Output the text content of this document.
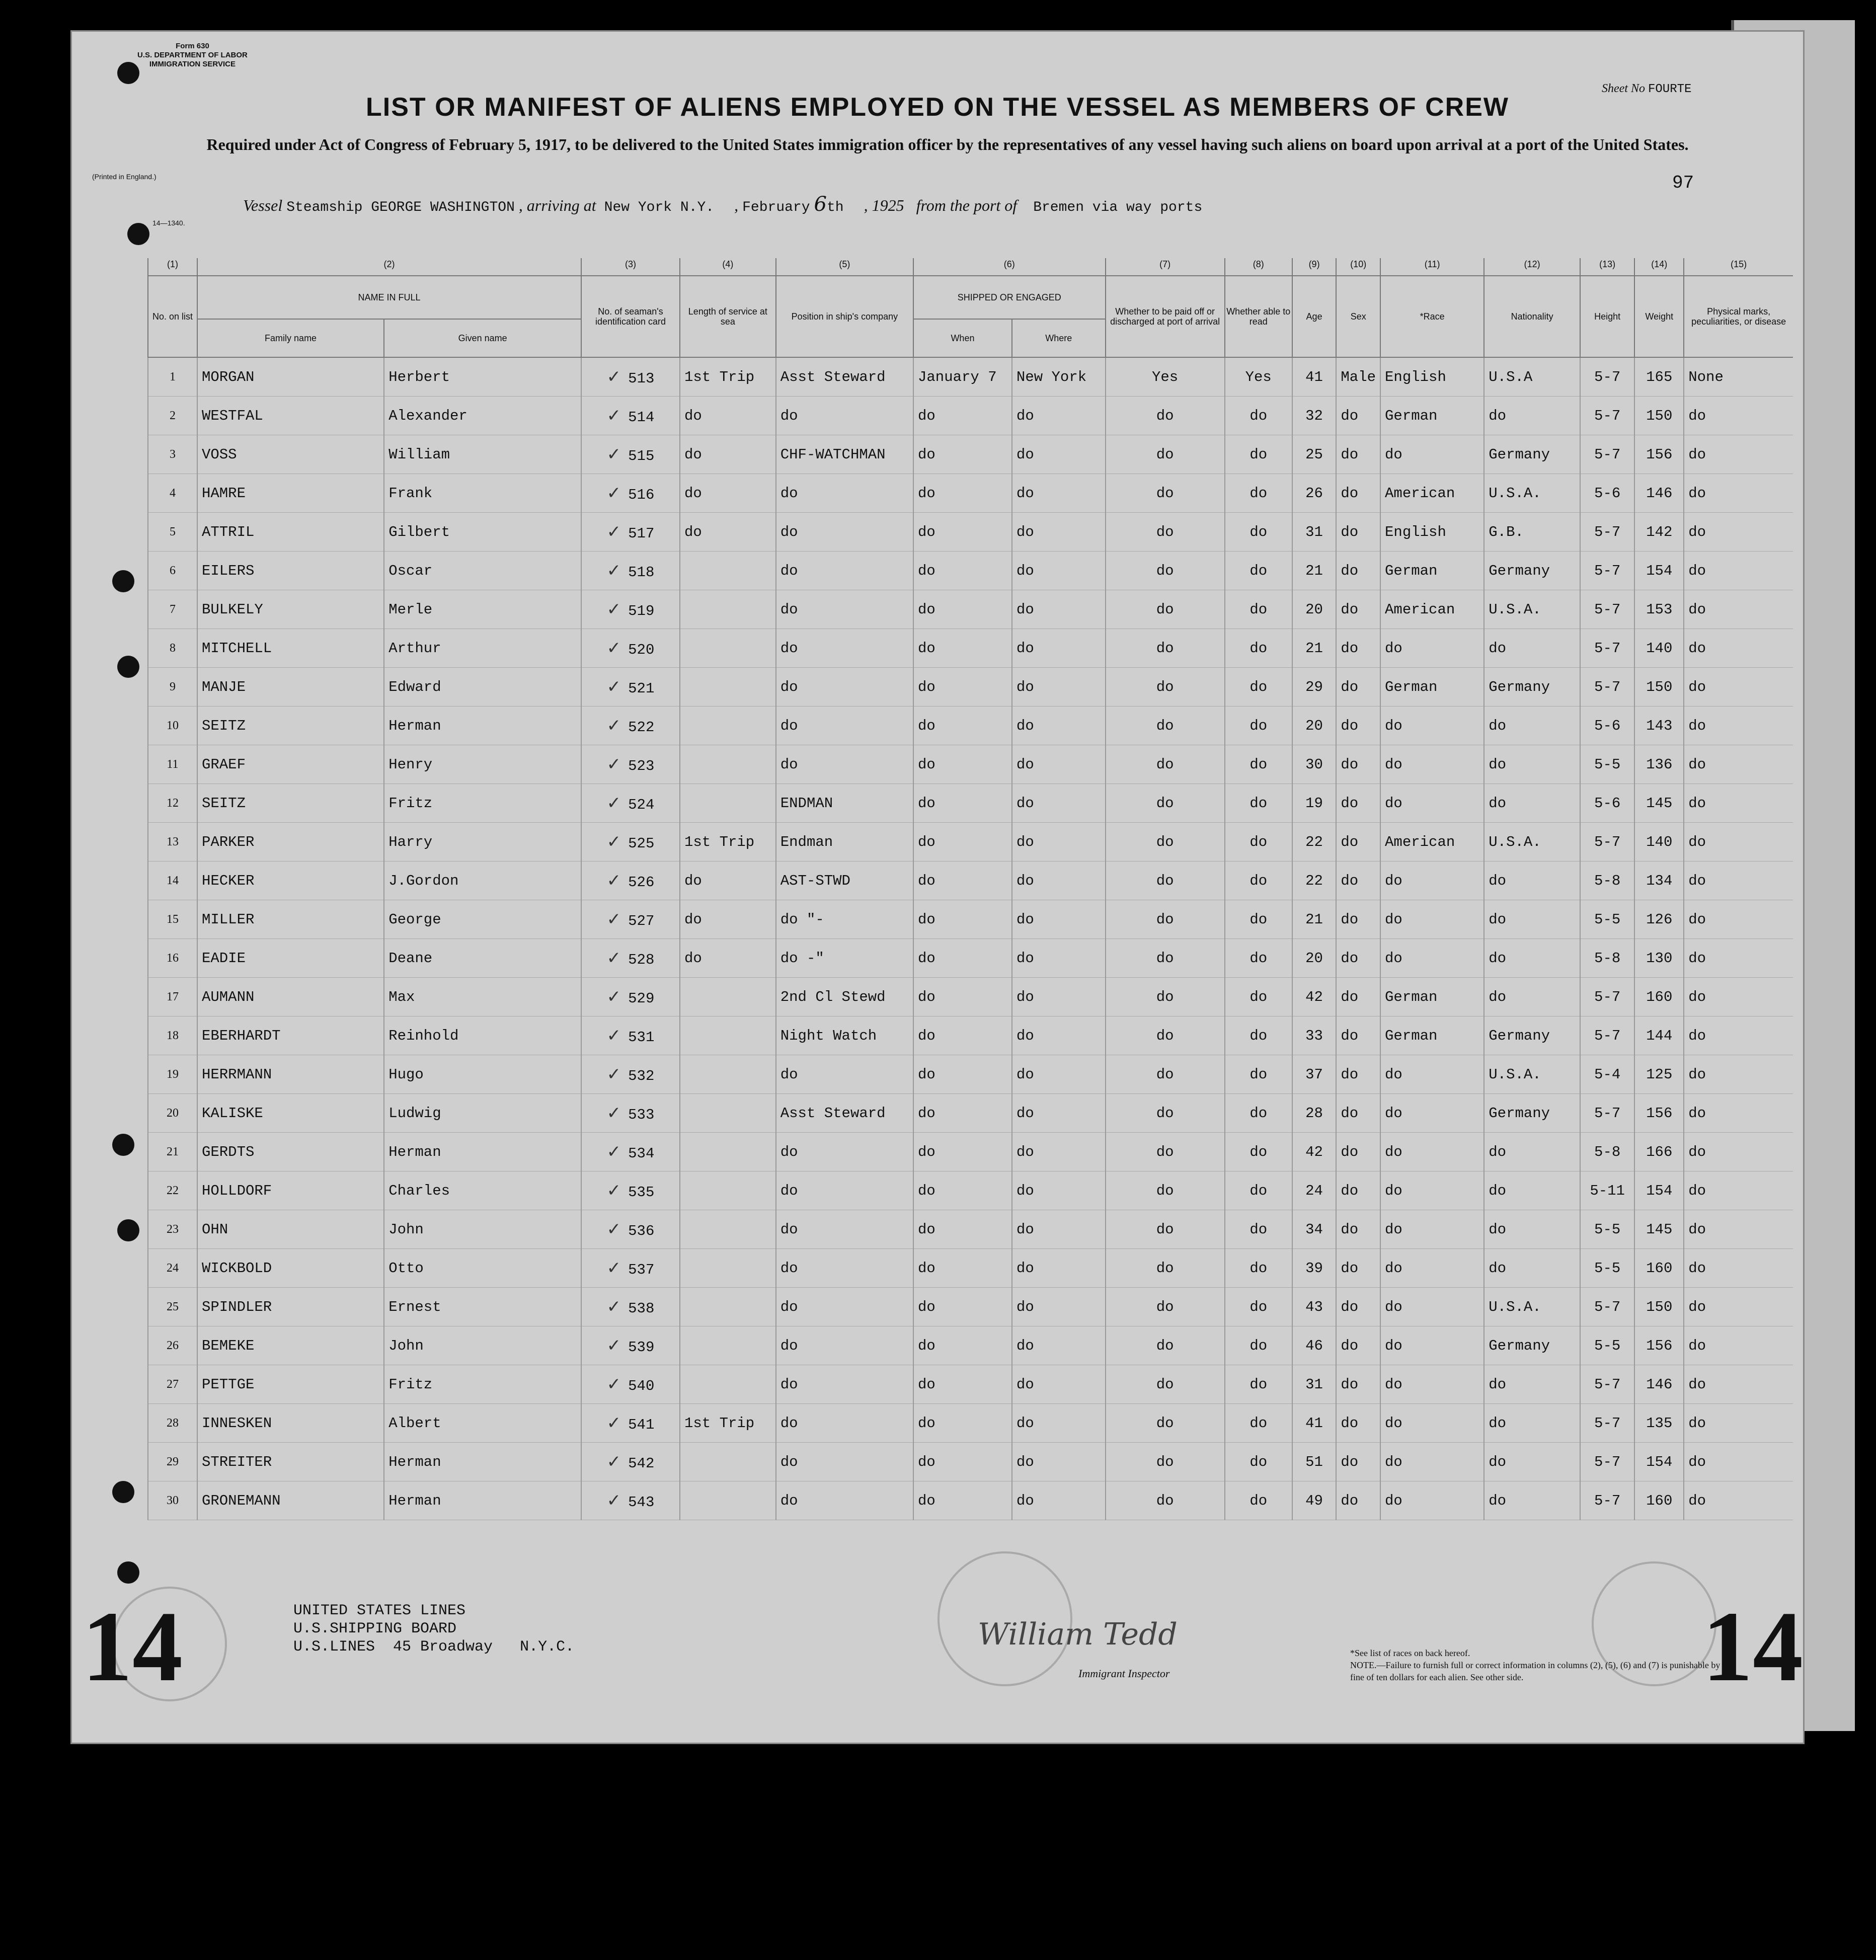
Form 630
U.S. DEPARTMENT OF LABOR
IMMIGRATION SERVICE
LIST OR MANIFEST OF ALIENS EMPLOYED ON THE VESSEL AS MEMBERS OF CREW
Required under Act of Congress of February 5, 1917, to be delivered to the United States immigration officer by the representatives of any vessel having such aliens on board upon arrival at a port of the United States.
Sheet No FOURTE
(Printed in England.)
14—1340.
97
Vessel Steamship GEORGE WASHINGTON , arriving at New York N.Y.     , February 6th , 1925 from the port of Bremen via way ports
(1)	(2)		(3)	(4)	(5)	(6)		(7)	(8)	(9)	(10)	(11)	(12)	(13)	(14)	(15)
No. on list	NAME IN FULL		No. of seaman's identification card	Length of service at sea	Position in ship's company	SHIPPED OR ENGAGED		Whether to be paid off or discharged at port of arrival	Whether able to read	Age	Sex	*Race	Nationality	Height	Weight	Physical marks, peculiarities, or disease
	Family name	Given name				When	Where									
1	MORGAN	Herbert	✓ 513	1st Trip	Asst Steward	January 7	New York	Yes	Yes	41	Male	English	U.S.A	5-7	165	None
2	WESTFAL	Alexander	✓ 514	do	do	do	do	do	do	32	do	German	do	5-7	150	do
3	VOSS	William	✓ 515	do	CHF-WATCHMAN	do	do	do	do	25	do	do	Germany	5-7	156	do
4	HAMRE	Frank	✓ 516	do	do	do	do	do	do	26	do	American	U.S.A.	5-6	146	do
5	ATTRIL	Gilbert	✓ 517	do	do	do	do	do	do	31	do	English	G.B.	5-7	142	do
6	EILERS	Oscar	✓ 518		do	do	do	do	do	21	do	German	Germany	5-7	154	do
7	BULKELY	Merle	✓ 519		do	do	do	do	do	20	do	American	U.S.A.	5-7	153	do
8	MITCHELL	Arthur	✓ 520		do	do	do	do	do	21	do	do	do	5-7	140	do
9	MANJE	Edward	✓ 521		do	do	do	do	do	29	do	German	Germany	5-7	150	do
10	SEITZ	Herman	✓ 522		do	do	do	do	do	20	do	do	do	5-6	143	do
11	GRAEF	Henry	✓ 523		do	do	do	do	do	30	do	do	do	5-5	136	do
12	SEITZ	Fritz	✓ 524		ENDMAN	do	do	do	do	19	do	do	do	5-6	145	do
13	PARKER	Harry	✓ 525	1st Trip	Endman	do	do	do	do	22	do	American	U.S.A.	5-7	140	do
14	HECKER	J.Gordon	✓ 526	do	AST-STWD	do	do	do	do	22	do	do	do	5-8	134	do
15	MILLER	George	✓ 527	do	do "-	do	do	do	do	21	do	do	do	5-5	126	do
16	EADIE	Deane	✓ 528	do	do -"	do	do	do	do	20	do	do	do	5-8	130	do
17	AUMANN	Max	✓ 529		2nd Cl Stewd	do	do	do	do	42	do	German	do	5-7	160	do
18	EBERHARDT	Reinhold	✓ 531		Night Watch	do	do	do	do	33	do	German	Germany	5-7	144	do
19	HERRMANN	Hugo	✓ 532		do	do	do	do	do	37	do	do	U.S.A.	5-4	125	do
20	KALISKE	Ludwig	✓ 533		Asst Steward	do	do	do	do	28	do	do	Germany	5-7	156	do
21	GERDTS	Herman	✓ 534		do	do	do	do	do	42	do	do	do	5-8	166	do
22	HOLLDORF	Charles	✓ 535		do	do	do	do	do	24	do	do	do	5-11	154	do
23	OHN	John	✓ 536		do	do	do	do	do	34	do	do	do	5-5	145	do
24	WICKBOLD	Otto	✓ 537		do	do	do	do	do	39	do	do	do	5-5	160	do
25	SPINDLER	Ernest	✓ 538		do	do	do	do	do	43	do	do	U.S.A.	5-7	150	do
26	BEMEKE	John	✓ 539		do	do	do	do	do	46	do	do	Germany	5-5	156	do
27	PETTGE	Fritz	✓ 540		do	do	do	do	do	31	do	do	do	5-7	146	do
28	INNESKEN	Albert	✓ 541	1st Trip	do	do	do	do	do	41	do	do	do	5-7	135	do
29	STREITER	Herman	✓ 542		do	do	do	do	do	51	do	do	do	5-7	154	do
30	GRONEMANN	Herman	✓ 543		do	do	do	do	do	49	do	do	do	5-7	160	do
14	14
UNITED STATES LINES
U.S.SHIPPING BOARD
U.S.LINES  45 Broadway   N.Y.C.	William Tedd
Immigrant Inspector
*See list of races on back hereof.
NOTE.—Failure to furnish full or correct information in columns (2), (5), (6) and (7) is punishable by a fine of ten dollars for each alien. See other side.
